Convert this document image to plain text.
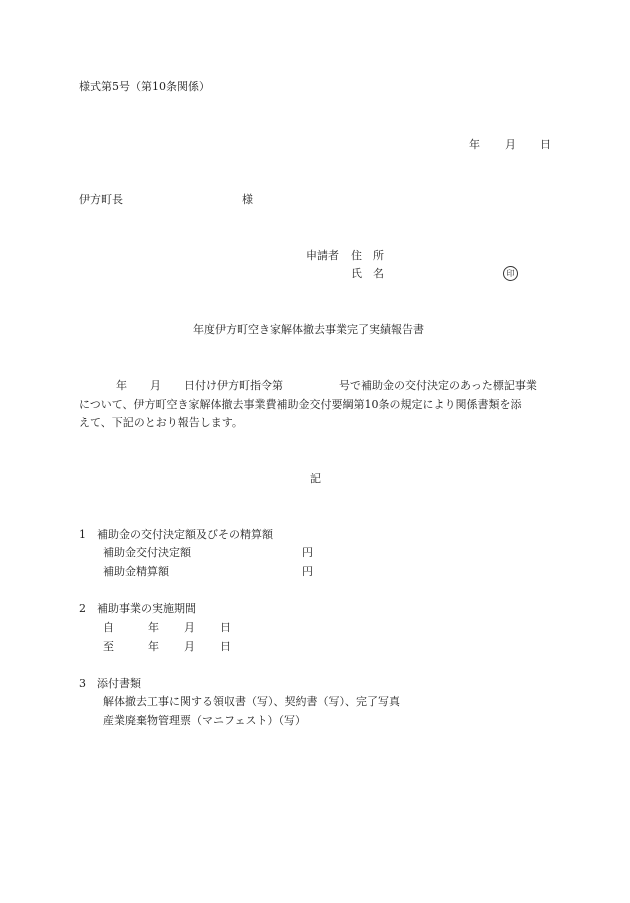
様式第5号（第10条関係）
年 月 日
伊方町長	様
申請者 住　所
氏　名	印
年度伊方町空き家解体撤去事業完了実績報告書
年 月 日付け伊方町指令第	号で補助金の交付決定のあった標記事業
について、伊方町空き家解体撤去事業費補助金交付要綱第10条の規定により関係書類を添
えて、下記のとおり報告します。
記
1 補助金の交付決定額及びその精算額
補助金交付決定額	円
補助金精算額	円
2 補助事業の実施期間
自	年 月 日
至	年 月 日
3 添付書類
解体撤去工事に関する領収書（写）、契約書（写）、完了写真
産業廃棄物管理票（マニフェスト）（写）
